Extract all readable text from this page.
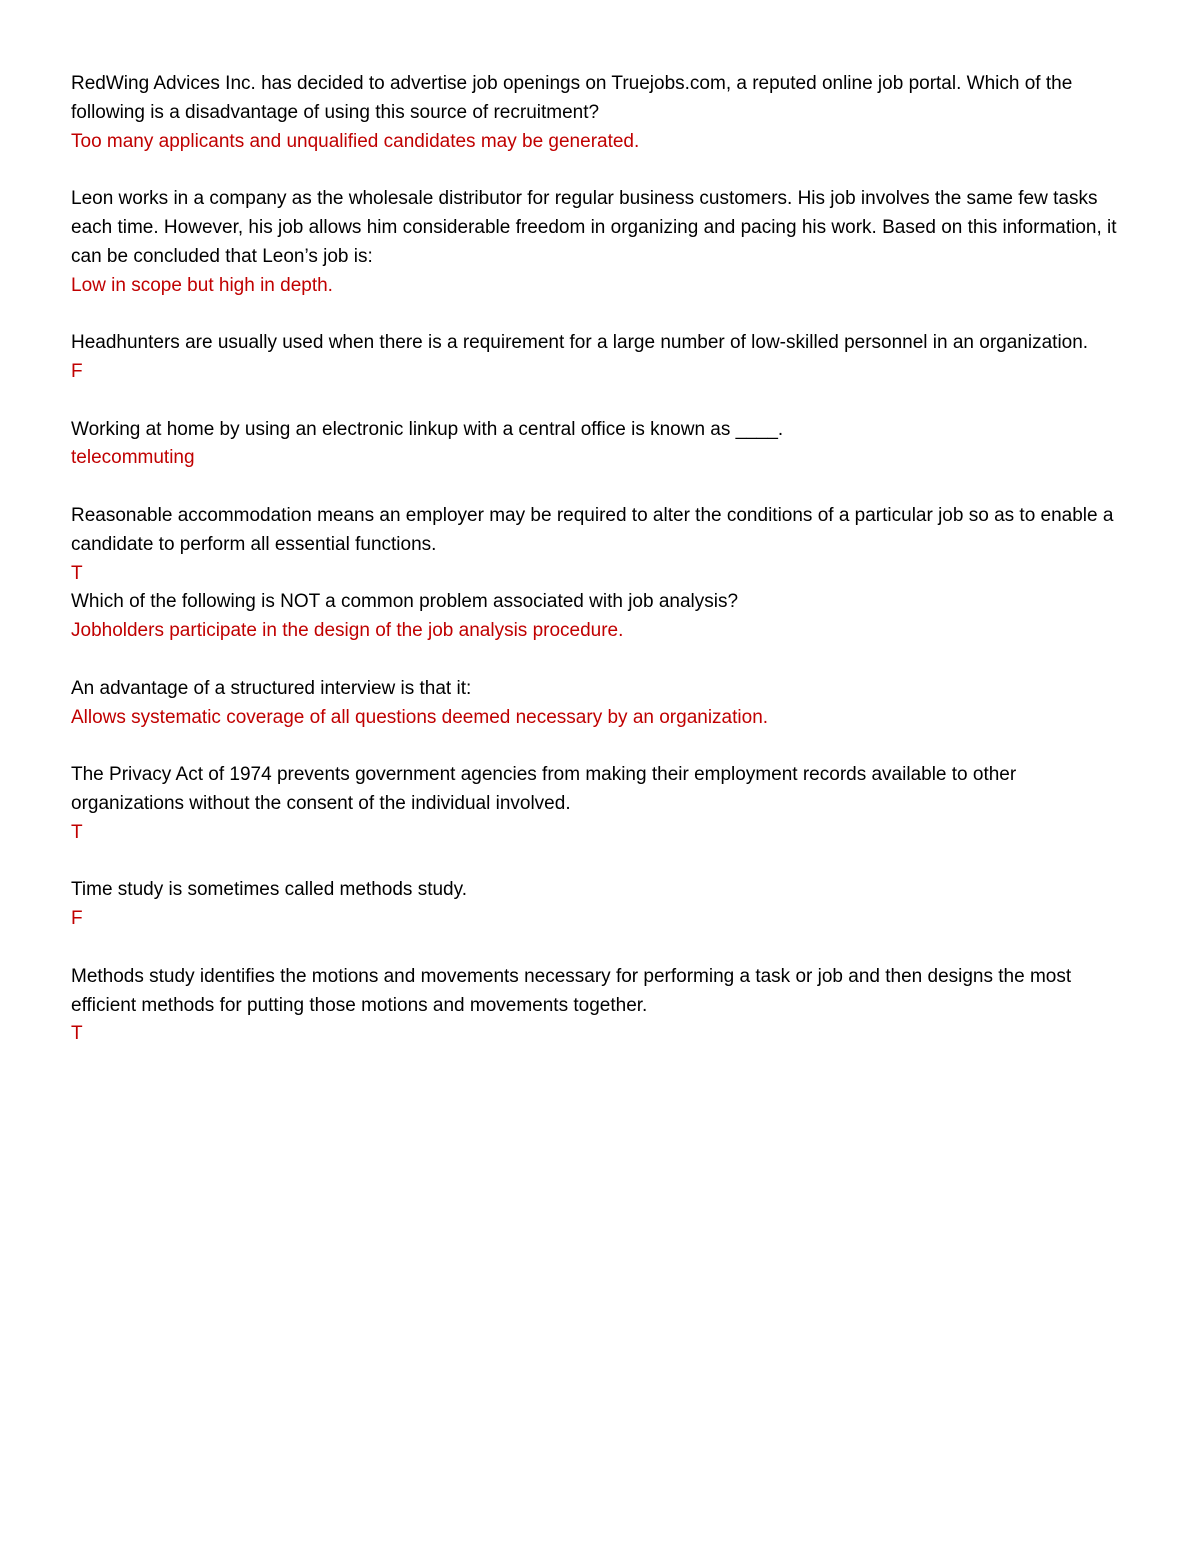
RedWing Advices Inc. has decided to advertise job openings on Truejobs.com, a reputed online job portal. Which of the following is a disadvantage of using this source of recruitment?

Too many applicants and unqualified candidates may be generated.

Leon works in a company as the wholesale distributor for regular business customers. His job involves the same few tasks each time. However, his job allows him considerable freedom in organizing and pacing his work. Based on this information, it can be concluded that Leon’s job is:

Low in scope but high in depth.

Headhunters are usually used when there is a requirement for a large number of low-skilled personnel in an organization.

F

Working at home by using an electronic linkup with a central office is known as ____.

telecommuting

Reasonable accommodation means an employer may be required to alter the conditions of a particular job so as to enable a candidate to perform all essential functions.

T

Which of the following is NOT a common problem associated with job analysis?

Jobholders participate in the design of the job analysis procedure.

An advantage of a structured interview is that it:

Allows systematic coverage of all questions deemed necessary by an organization.

The Privacy Act of 1974 prevents government agencies from making their employment records available to other organizations without the consent of the individual involved.

T

Time study is sometimes called methods study.

F

Methods study identifies the motions and movements necessary for performing a task or job and then designs the most efficient methods for putting those motions and movements together.

T
